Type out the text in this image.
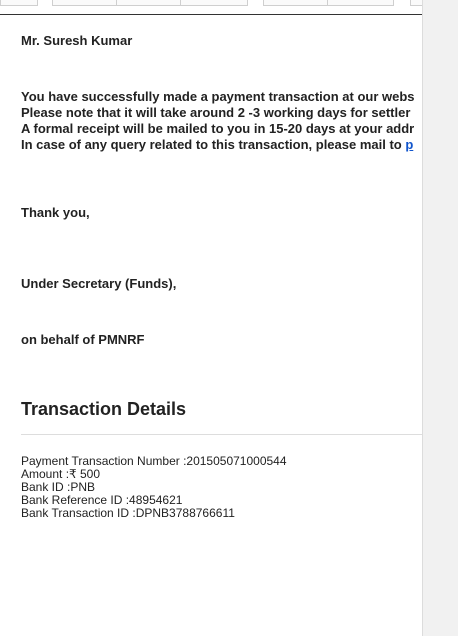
Mr. Suresh Kumar
You have successfully made a payment transaction at our webs
Please note that it will take around 2 -3 working days for settler
A formal receipt will be mailed to you in 15-20 days at your addr
In case of any query related to this transaction, please mail to p
Thank you,
Under Secretary (Funds),
on behalf of PMNRF
Transaction Details
Payment Transaction Number :201505071000544
Amount :₹ 500
Bank ID :PNB
Bank Reference ID :48954621
Bank Transaction ID :DPNB3788766611
